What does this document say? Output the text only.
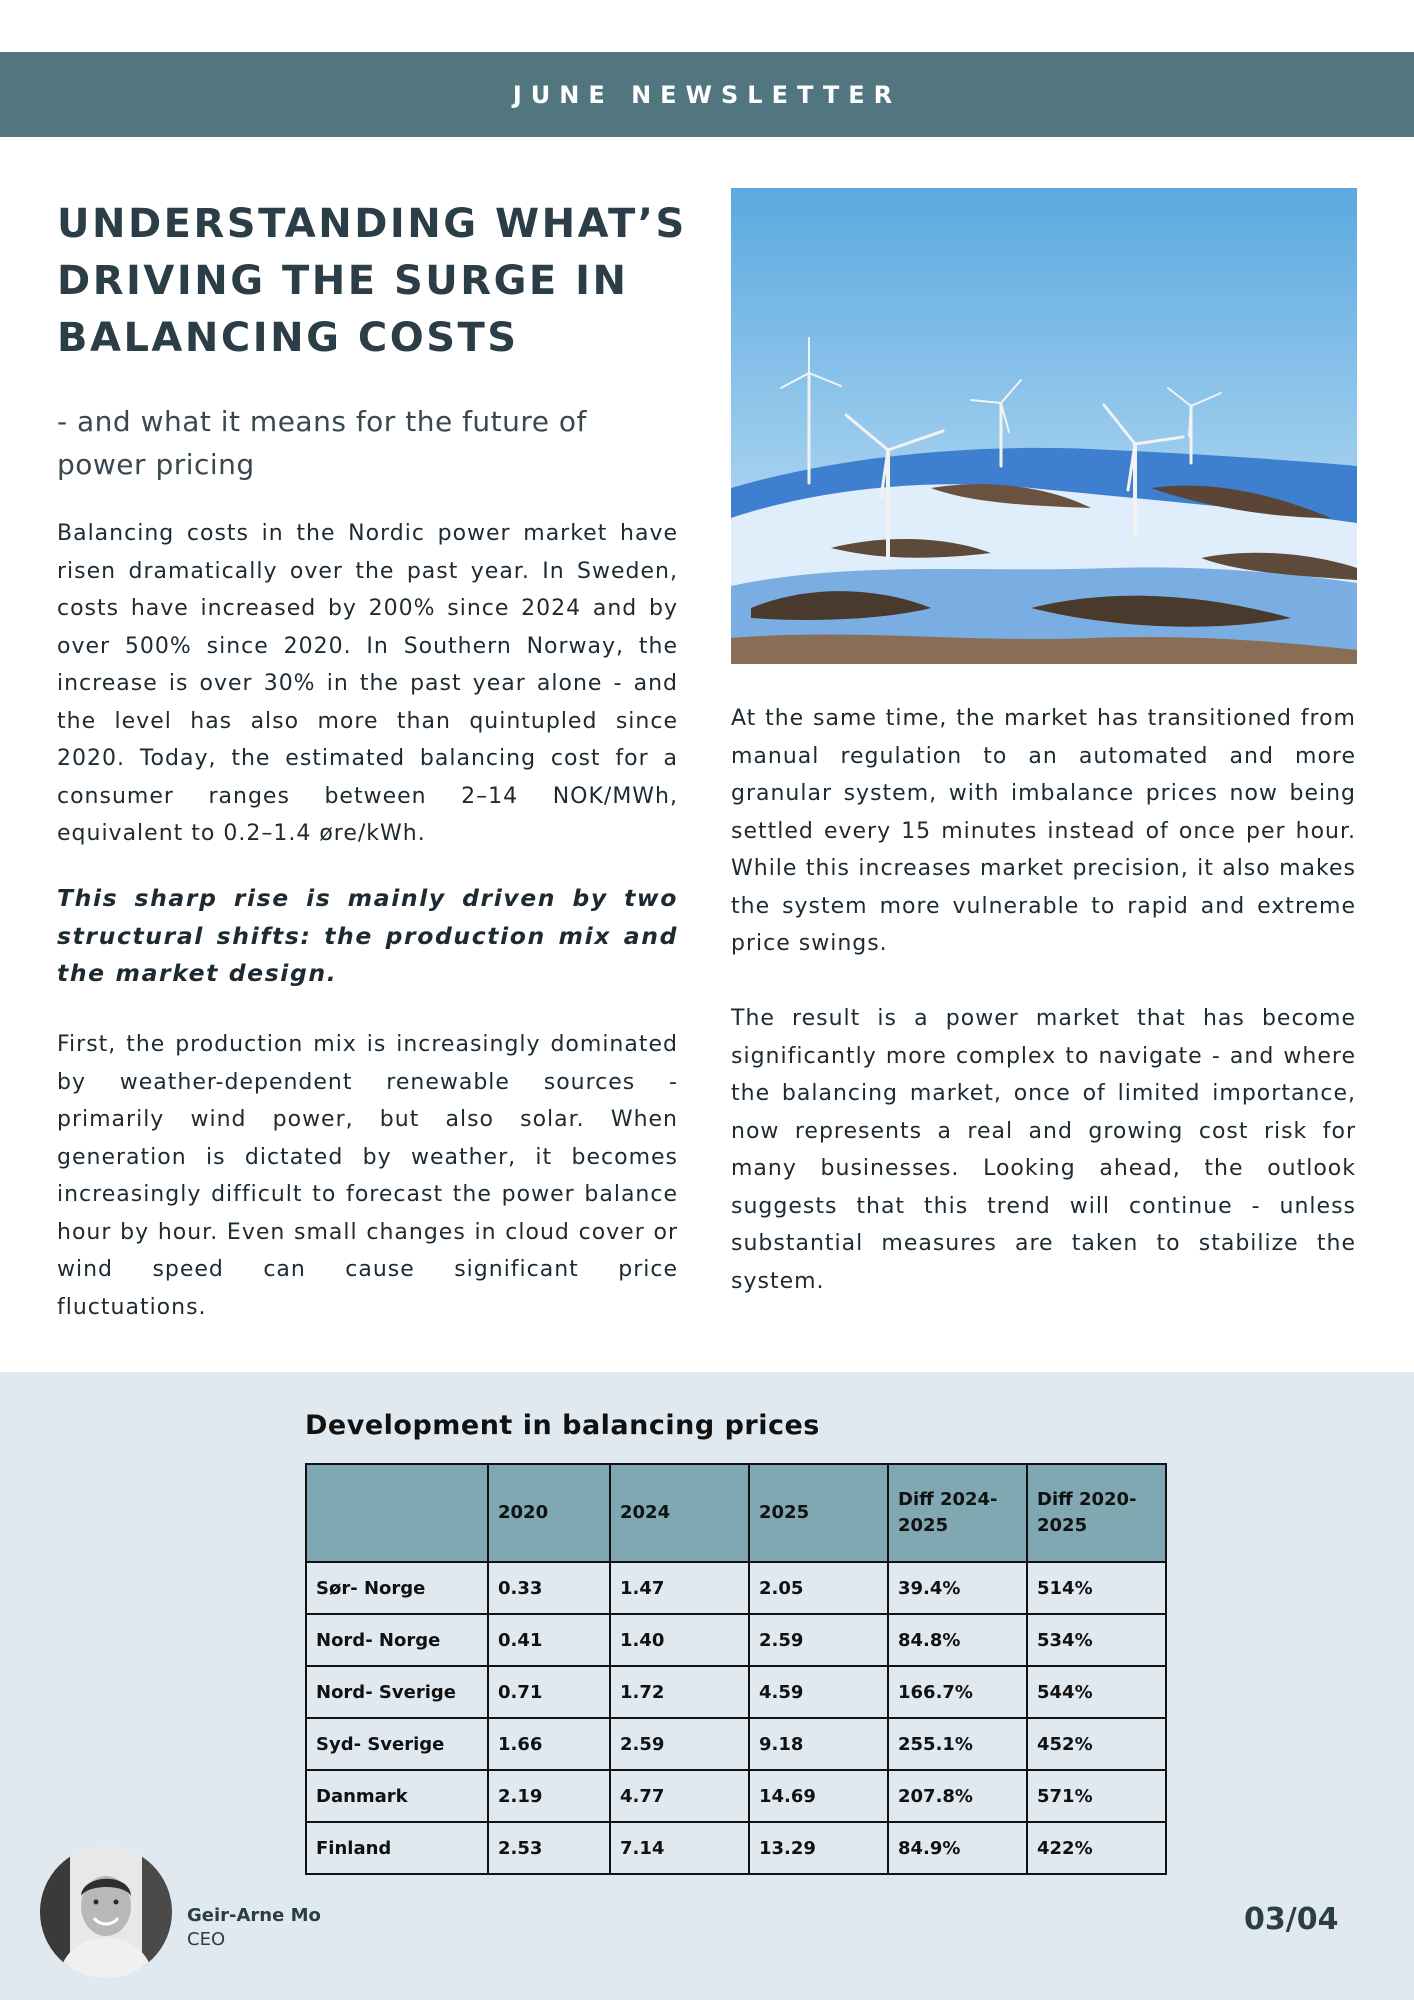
JUNE NEWSLETTER
UNDERSTANDING WHAT’S DRIVING THE SURGE IN BALANCING COSTS
- and what it means for the future of power pricing

Balancing costs in the Nordic power market have risen dramatically over the past year. In Sweden, costs have increased by 200% since 2024 and by over 500% since 2020. In Southern Norway, the increase is over 30% in the past year alone - and the level has also more than quintupled since 2020. Today, the estimated balancing cost for a consumer ranges between 2–14 NOK/MWh, equivalent to 0.2–1.4 øre/kWh.

This sharp rise is mainly driven by two structural shifts: the production mix and the market design.

First, the production mix is increasingly dominated by weather-dependent renewable sources - primarily wind power, but also solar. When generation is dictated by weather, it becomes increasingly difficult to forecast the power balance hour by hour. Even small changes in cloud cover or wind speed can cause significant price fluctuations.

At the same time, the market has transitioned from manual regulation to an automated and more granular system, with imbalance prices now being settled every 15 minutes instead of once per hour. While this increases market precision, it also makes the system more vulnerable to rapid and extreme price swings.

The result is a power market that has become significantly more complex to navigate - and where the balancing market, once of limited importance, now represents a real and growing cost risk for many businesses. Looking ahead, the outlook suggests that this trend will continue - unless substantial measures are taken to stabilize the system.

Development in balancing prices
	2020	2024	2025	Diff 2024-2025	Diff 2020-2025
Sør- Norge	0.33	1.47	2.05	39.4%	514%
Nord- Norge	0.41	1.40	2.59	84.8%	534%
Nord- Sverige	0.71	1.72	4.59	166.7%	544%
Syd- Sverige	1.66	2.59	9.18	255.1%	452%
Danmark	2.19	4.77	14.69	207.8%	571%
Finland	2.53	7.14	13.29	84.9%	422%
Geir-Arne Mo
CEO
03/04
